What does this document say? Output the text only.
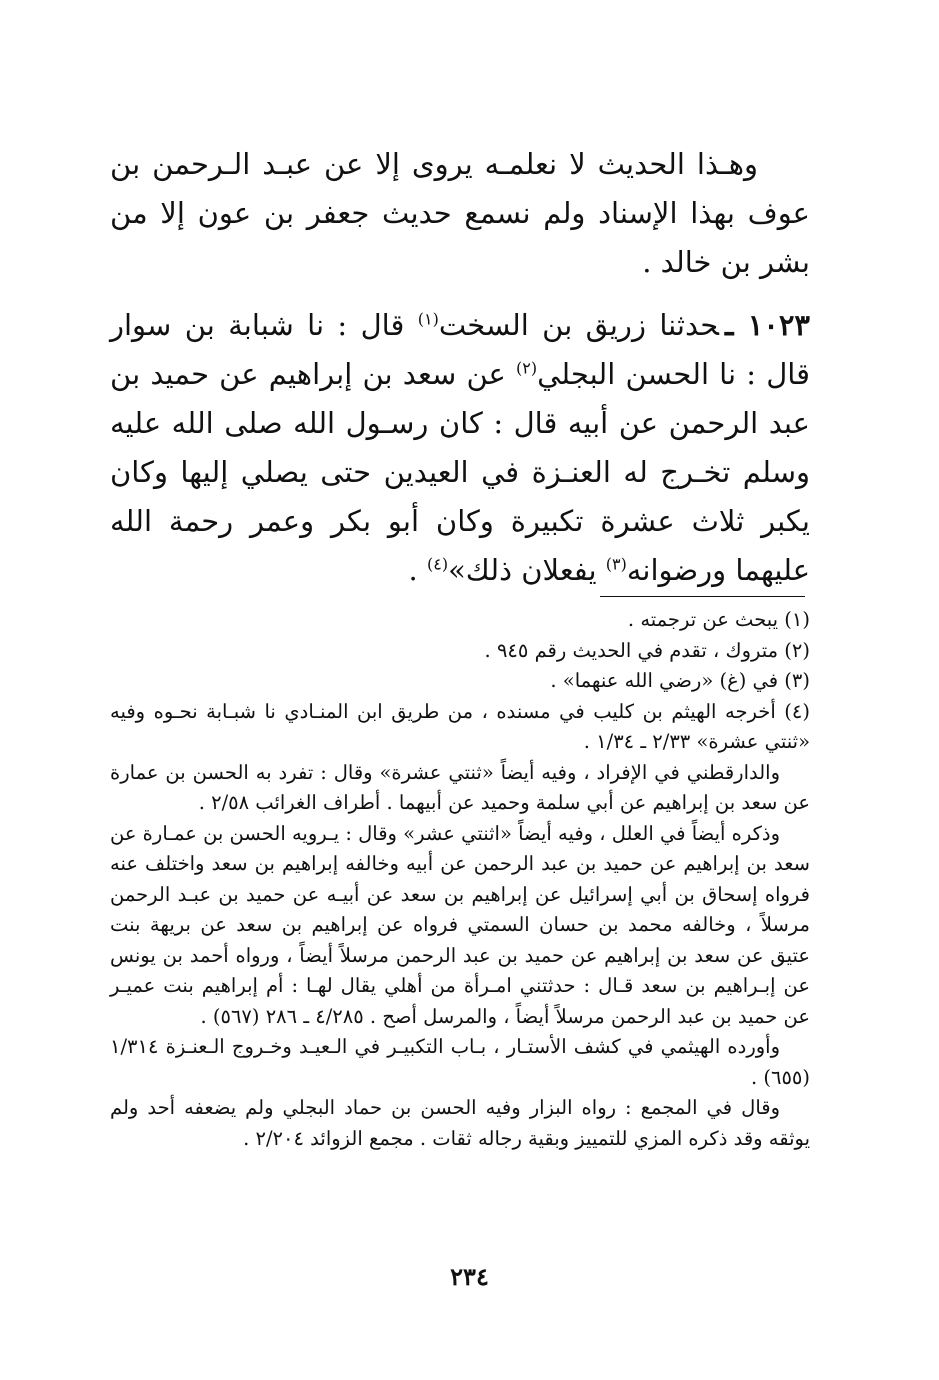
وهـذا الحديث لا نعلمـه يروى إلا عن عبـد الـرحمن بن عوف بهذا الإسناد ولم نسمع حديث جعفر بن عون إلا من بشر بن خالد .

١٠٢٣ ـحدثنا زريق بن السخت$^{(١)}$ قال : نا شبابة بن سوار قال : نا الحسن البجلي$^{(٢)}$ عن سعد بن إبراهيم عن حميد بن عبد الرحمن عن أبيه قال : كان رسـول الله صلى الله عليه وسلم تخـرج له العنـزة في العيدين حتى يصلي إليها وكان يكبر ثلاث عشرة تكبيرة وكان أبو بكر وعمر رحمة الله عليهما ورضوانه$^{(٣)}$ يفعلان ذلك»$^{(٤)}$ .

(١) يبحث عن ترجمته .

(٢) متروك ، تقدم في الحديث رقم ٩٤٥ .

(٣) في (غ) «رضي الله عنهما» .

(٤) أخرجه الهيثم بن كليب في مسنده ، من طريق ابن المنـادي نا شبـابة نحـوه وفيه «ثنتي عشرة» ٢/٣٣ ـ ١/٣٤ .

والدارقطني في الإفراد ، وفيه أيضاً «ثنتي عشرة» وقال : تفرد به الحسن بن عمارة عن سعد بن إبراهيم عن أبي سلمة وحميد عن أبيهما . أطراف الغرائب ٢/٥٨ .

وذكره أيضاً في العلل ، وفيه أيضاً «اثنتي عشر» وقال : يـرويه الحسن بن عمـارة عن سعد بن إبراهيم عن حميد بن عبد الرحمن عن أبيه وخالفه إبراهيم بن سعد واختلف عنه فرواه إسحاق بن أبي إسرائيل عن إبراهيم بن سعد عن أبيـه عن حميد بن عبـد الرحمن مرسلاً ، وخالفه محمد بن حسان السمتي فرواه عن إبراهيم بن سعد عن بريهة بنت عتيق عن سعد بن إبراهيم عن حميد بن عبد الرحمن مرسلاً أيضاً ، ورواه أحمد بن يونس عن إبـراهيم بن سعد قـال : حدثتني امـرأة من أهلي يقال لهـا : أم إبراهيم بنت عميـر عن حميد بن عبد الرحمن مرسلاً أيضاً ، والمرسل أصح . ٤/٢٨٥ ـ ٢٨٦ (٥٦٧) .

وأورده الهيثمي في كشف الأستـار ، بـاب التكبيـر في الـعيـد وخـروج الـعنـزة ١/٣١٤ (٦٥٥) .

وقال في المجمع : رواه البزار وفيه الحسن بن حماد البجلي ولم يضعفه أحد ولم يوثقه وقد ذكره المزي للتمييز وبقية رجاله ثقات . مجمع الزوائد ٢/٢٠٤ .

٢٣٤
